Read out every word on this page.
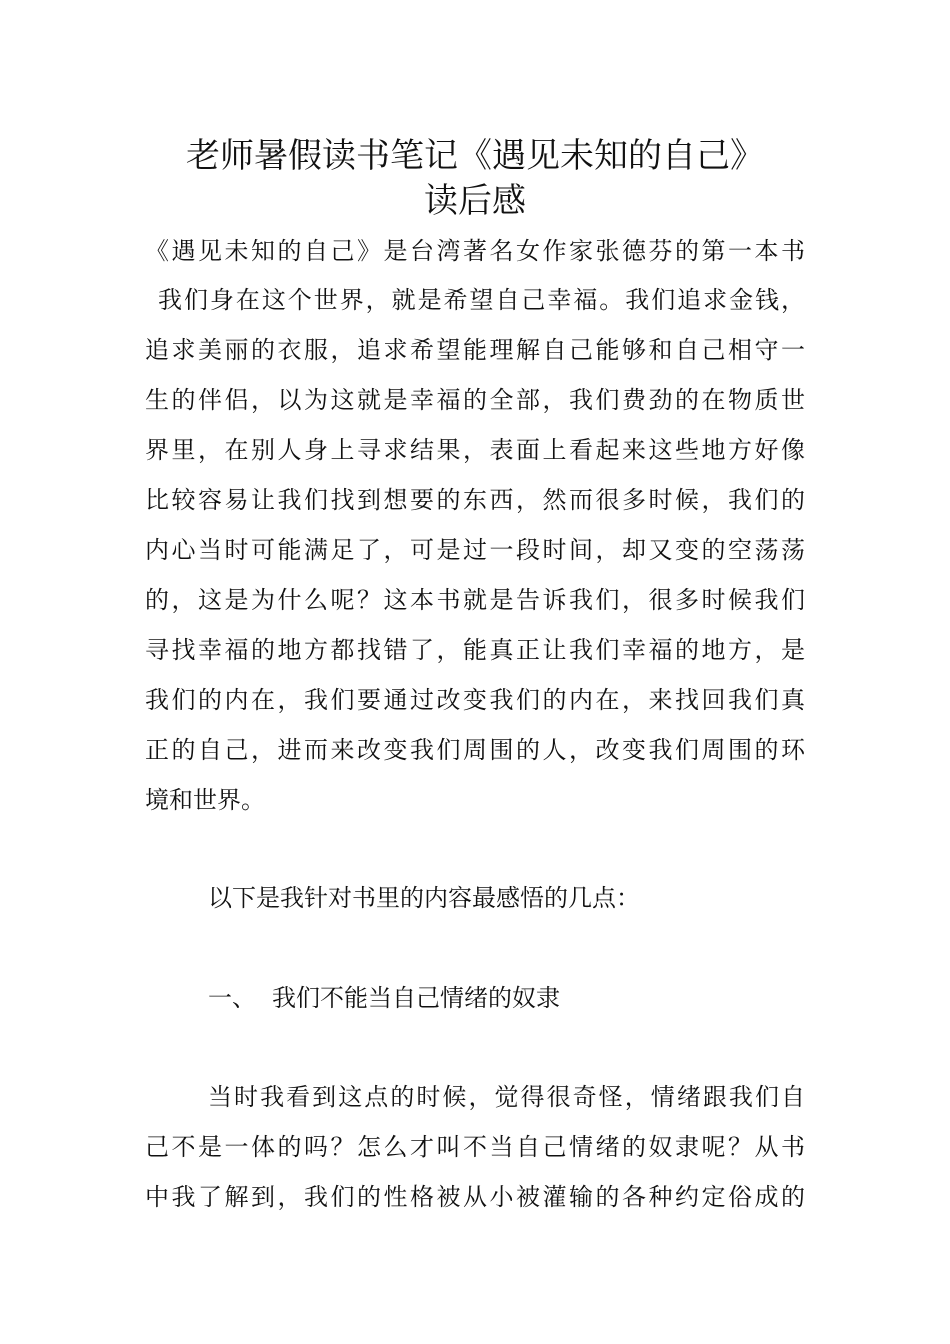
老师暑假读书笔记《遇见未知的自己》
读后感
《遇见未知的自己》是台湾著名女作家张德芬的第一本书
我们身在这个世界，就是希望自己幸福。我们追求金钱，
追求美丽的衣服，追求希望能理解自己能够和自己相守一
生的伴侣，以为这就是幸福的全部，我们费劲的在物质世
界里，在别人身上寻求结果，表面上看起来这些地方好像
比较容易让我们找到想要的东西，然而很多时候，我们的
内心当时可能满足了，可是过一段时间，却又变的空荡荡
的，这是为什么呢？这本书就是告诉我们，很多时候我们
寻找幸福的地方都找错了，能真正让我们幸福的地方，是
我们的内在，我们要通过改变我们的内在，来找回我们真
正的自己，进而来改变我们周围的人，改变我们周围的环
境和世界。
以下是我针对书里的内容最感悟的几点：
一、 我们不能当自己情绪的奴隶
当时我看到这点的时候，觉得很奇怪，情绪跟我们自
己不是一体的吗？怎么才叫不当自己情绪的奴隶呢？从书
中我了解到，我们的性格被从小被灌输的各种约定俗成的
